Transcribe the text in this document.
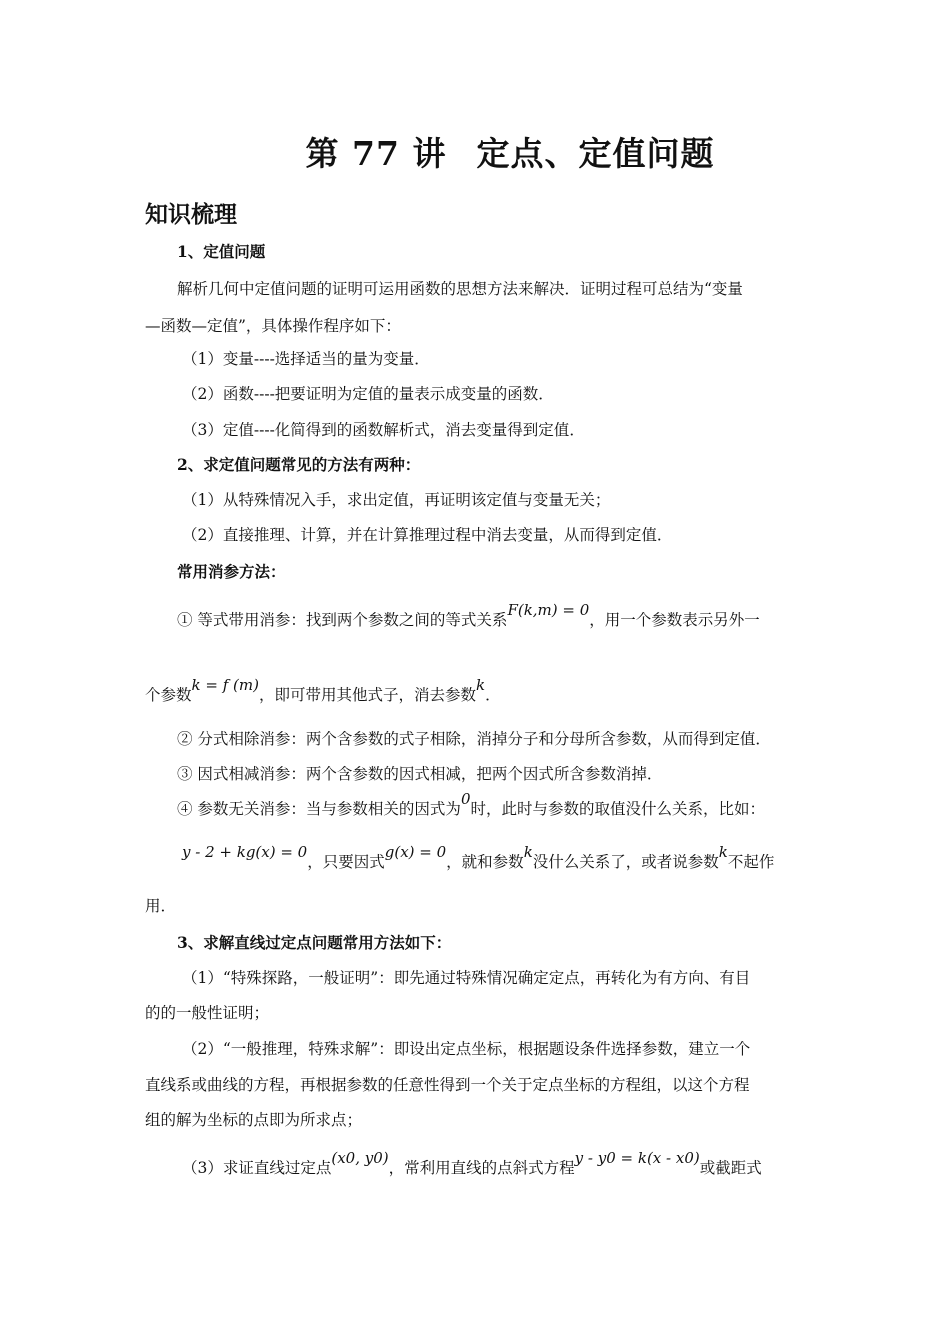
第 77 讲 定点、定值问题
知识梳理
1、定值问题
解析几何中定值问题的证明可运用函数的思想方法来解决．证明过程可总结为“变量
—函数—定值”，具体操作程序如下：
（1）变量----选择适当的量为变量．
（2）函数----把要证明为定值的量表示成变量的函数．
（3）定值----化简得到的函数解析式，消去变量得到定值．
2、求定值问题常见的方法有两种：
（1）从特殊情况入手，求出定值，再证明该定值与变量无关；
（2）直接推理、计算，并在计算推理过程中消去变量，从而得到定值．
常用消参方法：
① 等式带用消参：找到两个参数之间的等式关系F(k,m) = 0，用一个参数表示另外一
个参数k = f (m)，即可带用其他式子，消去参数k．
② 分式相除消参：两个含参数的式子相除，消掉分子和分母所含参数，从而得到定值．
③ 因式相减消参：两个含参数的因式相减，把两个因式所含参数消掉．
④ 参数无关消参：当与参数相关的因式为0时，此时与参数的取值没什么关系，比如：
y - 2 + kg(x) = 0，只要因式g(x) = 0，就和参数k没什么关系了，或者说参数k不起作
用．
3、求解直线过定点问题常用方法如下：
（1）“特殊探路，一般证明”：即先通过特殊情况确定定点，再转化为有方向、有目
的的一般性证明；
（2）“一般推理，特殊求解”：即设出定点坐标，根据题设条件选择参数，建立一个
直线系或曲线的方程，再根据参数的任意性得到一个关于定点坐标的方程组，以这个方程
组的解为坐标的点即为所求点；
（3）求证直线过定点(x0, y0)，常利用直线的点斜式方程y - y0 = k(x - x0)或截距式
